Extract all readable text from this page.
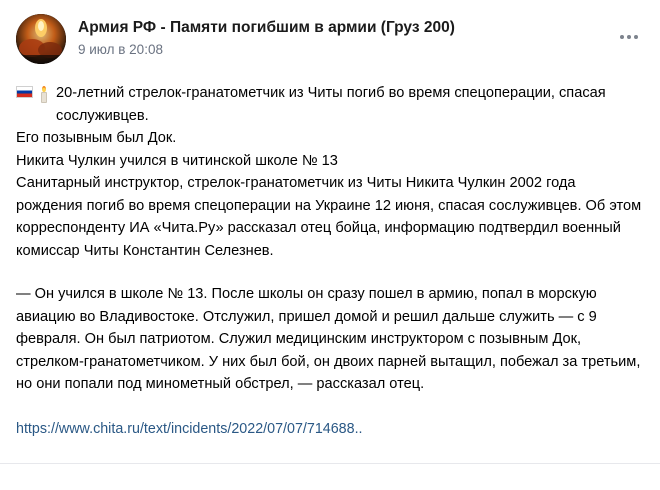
Армия РФ - Памяти погибшим в армии (Груз 200)
9 июл в 20:08
20-летний стрелок-гранатометчик из Читы погиб во время спецоперации, спасая сослуживцев.

Его позывным был Док.

Никита Чулкин учился в читинской школе № 13

Санитарный инструктор, стрелок-гранатометчик из Читы Никита Чулкин 2002 года рождения погиб во время спецоперации на Украине 12 июня, спасая сослуживцев. Об этом корреспонденту ИА «Чита.Ру» рассказал отец бойца, информацию подтвердил военный комиссар Читы Константин Селезнев.

— Он учился в школе № 13. После школы он сразу пошел в армию, попал в морскую авиацию во Владивостоке. Отслужил, пришел домой и решил дальше служить — с 9 февраля. Он был патриотом. Служил медицинским инструктором с позывным Док, стрелком-гранатометчиком. У них был бой, он двоих парней вытащил, побежал за третьим, но они попали под минометный обстрел, — рассказал отец.

https://www.chita.ru/text/incidents/2022/07/07/714688..
